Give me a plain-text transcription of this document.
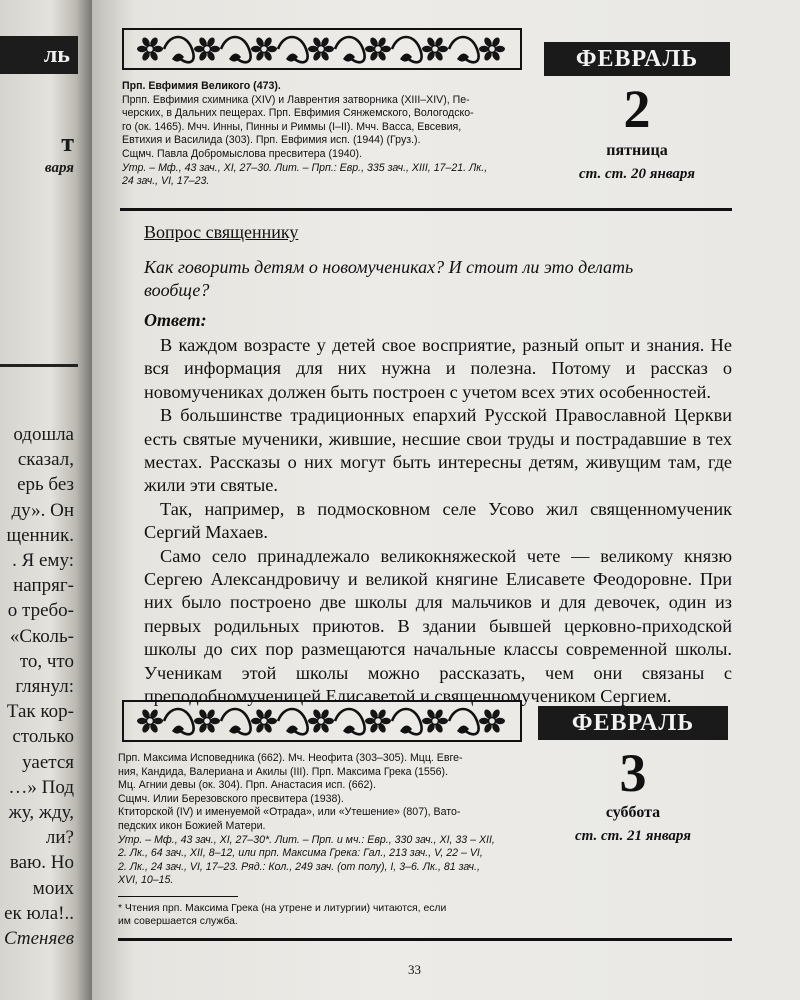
ль
т
варя
одошла
сказал,
ерь без
ду». Он
щенник.
. Я ему:
напряг-
о требо-
«Сколь-
то, что
глянул:
Так кор-
столько
уается
…» Под
жу, жду,
ли?
ваю. Но
моих
ек юла!..
Стеняев
ФЕВРАЛЬ
2
пятница
ст. ст. 20 января

Прп. Евфимия Великого (473).

Прпп. Евфимия схимника (XIV) и Лаврентия затворника (XIII–XIV), Пе-

черских, в Дальних пещерах. Прп. Евфимия Сянжемского, Вологодско-

го (ок. 1465). Мчч. Инны, Пинны и Риммы (I–II). Мчч. Васса, Евсевия,

Евтихия и Василида (303). Прп. Евфимия исп. (1944) (Груз.).

Сщмч. Павла Добромыслова пресвитера (1940).

Утр. – Мф., 43 зач., XI, 27–30. Лит. – Прп.: Евр., 335 зач., XIII, 17–21. Лк.,

24 зач., VI, 17–23.

Вопрос священнику
Как говорить детям о новомучениках? И стоит ли это делать
вообще?
Ответ:

В каждом возрасте у детей свое восприятие, разный опыт и знания. Не вся информация для них нужна и полезна. Потому и рассказ о новомучениках должен быть построен с учетом всех этих особенностей.

В большинстве традиционных епархий Русской Православной Церкви есть святые мученики, жившие, несшие свои труды и пострадавшие в тех местах. Рассказы о них могут быть интересны детям, живущим там, где жили эти святые.

Так, например, в подмосковном селе Усово жил священномученик Сергий Махаев.

Само село принадлежало великокняжеской чете — великому князю Сергею Александровичу и великой княгине Елисавете Феодоровне. При них было построено две школы для мальчиков и для девочек, один из первых родильных приютов. В здании бывшей церковно-приходской школы до сих пор размещаются начальные классы современной школы. Ученикам этой школы можно рассказать, чем они связаны с преподобномученицей Елисаветой и священномучеником Сергием.

ФЕВРАЛЬ
3
суббота
ст. ст. 21 января

Прп. Максима Исповедника (662). Мч. Неофита (303–305). Мцц. Евге-

ния, Кандида, Валериана и Акилы (III). Прп. Максима Грека (1556).

Мц. Агнии девы (ок. 304). Прп. Анастасия исп. (662).

Сщмч. Илии Березовского пресвитера (1938).

Ктиторской (IV) и именуемой «Отрада», или «Утешение» (807), Вато-

педских икон Божией Матери.

Утр. – Мф., 43 зач., XI, 27–30*. Лит. – Прп. и мч.: Евр., 330 зач., XI, 33 – XII,

2. Лк., 64 зач., XII, 8–12, или прп. Максима Грека: Гал., 213 зач., V, 22 – VI,

2. Лк., 24 зач., VI, 17–23. Ряд.: Кол., 249 зач. (от полу), I, 3–6. Лк., 81 зач.,

XVI, 10–15.

* Чтения прп. Максима Грека (на утрене и литургии) читаются, если
им совершается служба.
33
